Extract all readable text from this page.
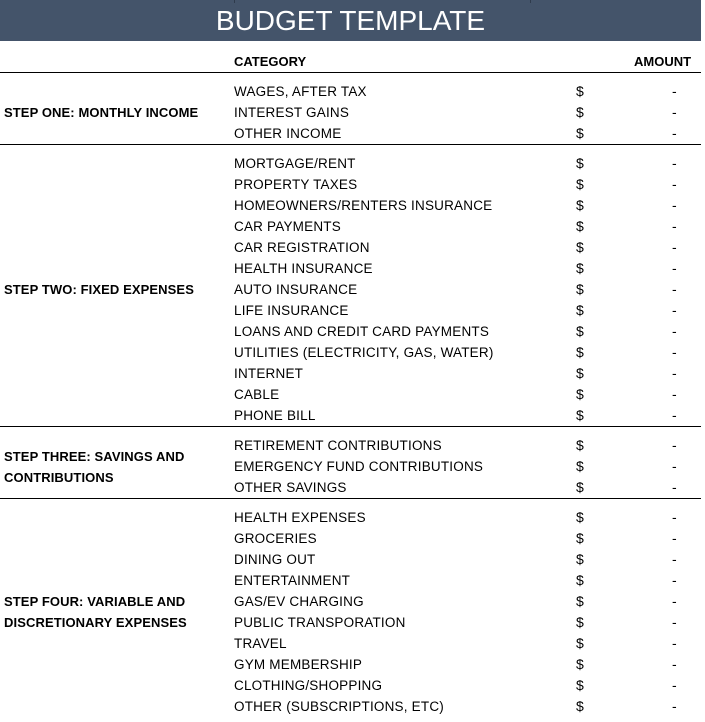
BUDGET TEMPLATE
CATEGORY	AMOUNT
STEP ONE: MONTHLY INCOME
WAGES, AFTER TAX	$	-
INTEREST GAINS	$	-
OTHER INCOME	$	-
STEP TWO: FIXED EXPENSES
MORTGAGE/RENT	$	-
PROPERTY TAXES	$	-
HOMEOWNERS/RENTERS INSURANCE	$	-
CAR PAYMENTS	$	-
CAR REGISTRATION	$	-
HEALTH INSURANCE	$	-
AUTO INSURANCE	$	-
LIFE INSURANCE	$	-
LOANS AND CREDIT CARD PAYMENTS	$	-
UTILITIES (ELECTRICITY, GAS, WATER)	$	-
INTERNET	$	-
CABLE	$	-
PHONE BILL	$	-
STEP THREE: SAVINGS AND CONTRIBUTIONS
RETIREMENT CONTRIBUTIONS	$	-
EMERGENCY FUND CONTRIBUTIONS	$	-
OTHER SAVINGS	$	-
STEP FOUR: VARIABLE AND DISCRETIONARY EXPENSES
HEALTH EXPENSES	$	-
GROCERIES	$	-
DINING OUT	$	-
ENTERTAINMENT	$	-
GAS/EV CHARGING	$	-
PUBLIC TRANSPORATION	$	-
TRAVEL	$	-
GYM MEMBERSHIP	$	-
CLOTHING/SHOPPING	$	-
OTHER (SUBSCRIPTIONS, ETC)	$	-
